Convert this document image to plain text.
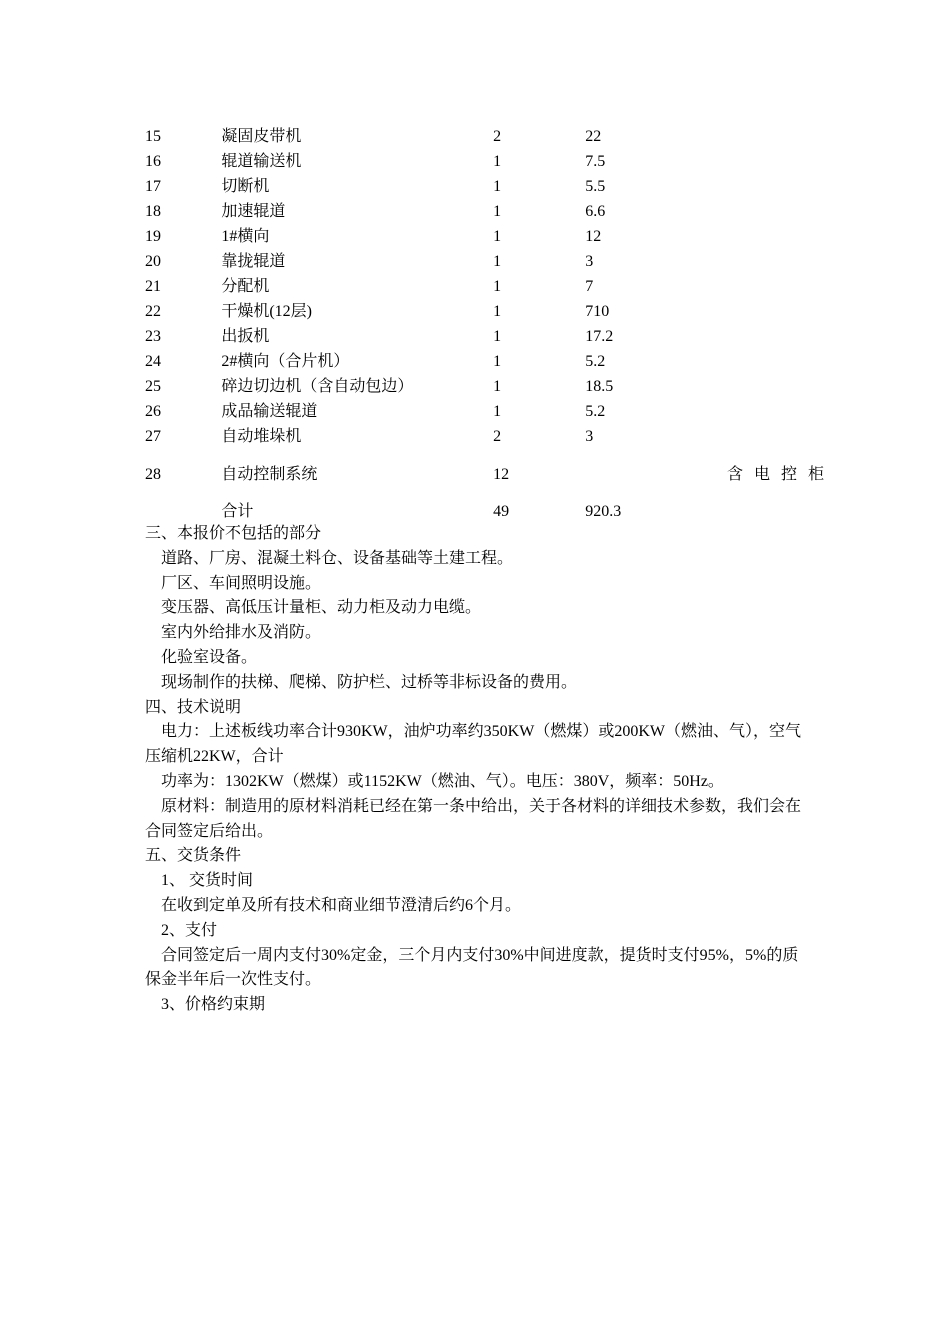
15	凝固皮带机	2	22	
16	辊道输送机	1	7.5	
17	切断机	1	5.5	
18	加速辊道	1	6.6	
19	1#横向	1	12	
20	靠拢辊道	1	3	
21	分配机	1	7	
22	干燥机(12层)	1	710	
23	出扳机	1	17.2	
24	2#横向（合片机）	1	5.2	
25	碎边切边机（含自动包边）	1	18.5	
26	成品输送辊道	1	5.2	
27	自动堆垛机	2	3	
28	自动控制系统	12		含电控柜
	合计	49	920.3	

三、本报价不包括的部分

道路、厂房、混凝土料仓、设备基础等土建工程。

厂区、车间照明设施。

变压器、高低压计量柜、动力柜及动力电缆。

室内外给排水及消防。

化验室设备。

现场制作的扶梯、爬梯、防护栏、过桥等非标设备的费用。

四、技术说明

电力：上述板线功率合计930KW，油炉功率约350KW（燃煤）或200KW（燃油、气），空气压缩机22KW，合计

功率为：1302KW（燃煤）或1152KW（燃油、气）。电压：380V，频率：50Hz。

原材料：制造用的原材料消耗已经在第一条中给出，关于各材料的详细技术参数，我们会在合同签定后给出。

五、交货条件

1、 交货时间

在收到定单及所有技术和商业细节澄清后约6个月。

2、支付

合同签定后一周内支付30%定金，三个月内支付30%中间进度款，提货时支付95%，5%的质保金半年后一次性支付。

3、价格约束期
